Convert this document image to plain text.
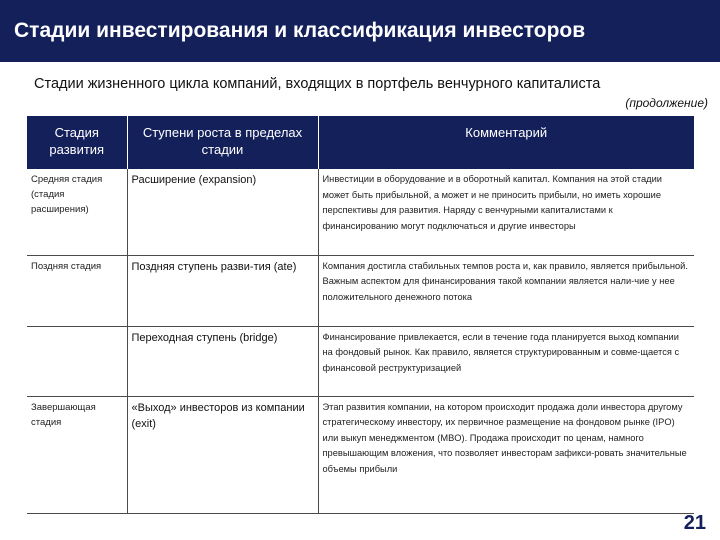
Стадии инвестирования и классификация инвесторов
Стадии жизненного цикла компаний, входящих в портфель венчурного капиталиста
(продолжение)
Стадия развития	Ступени роста в пределах стадии	Комментарий
Средняя стадия (стадия расширения)	Расширение (expansion)	Инвестиции в оборудование и в оборотный капитал. Компания на этой стадии может быть прибыльной, а может и не приносить прибыли, но иметь хорошие перспективы для развития. Наряду с венчурными капиталистами к финансированию могут подключаться и другие инвесторы
Поздняя стадия	Поздняя ступень разви-тия (ate)	Компания достигла стабильных темпов роста и, как правило, является прибыльной. Важным аспектом для финансирования такой компании является нали-чие у нее положительного денежного потока
	Переходная ступень (bridge)	Финансирование привлекается, если в течение года планируется выход компании на фондовый рынок. Как правило, является структурированным и совме-щается с финансовой реструктуризацией
Завершающая стадия	«Выход» инвесторов из компании (exit)	Этап развития компании, на котором происходит продажа доли инвестора другому стратегическому инвестору, их первичное размещение на фондовом рынке (IPO) или выкуп менеджментом (MBO). Продажа происходит по ценам, намного превышающим вложения, что позволяет инвесторам зафикси-ровать значительные объемы прибыли
21
